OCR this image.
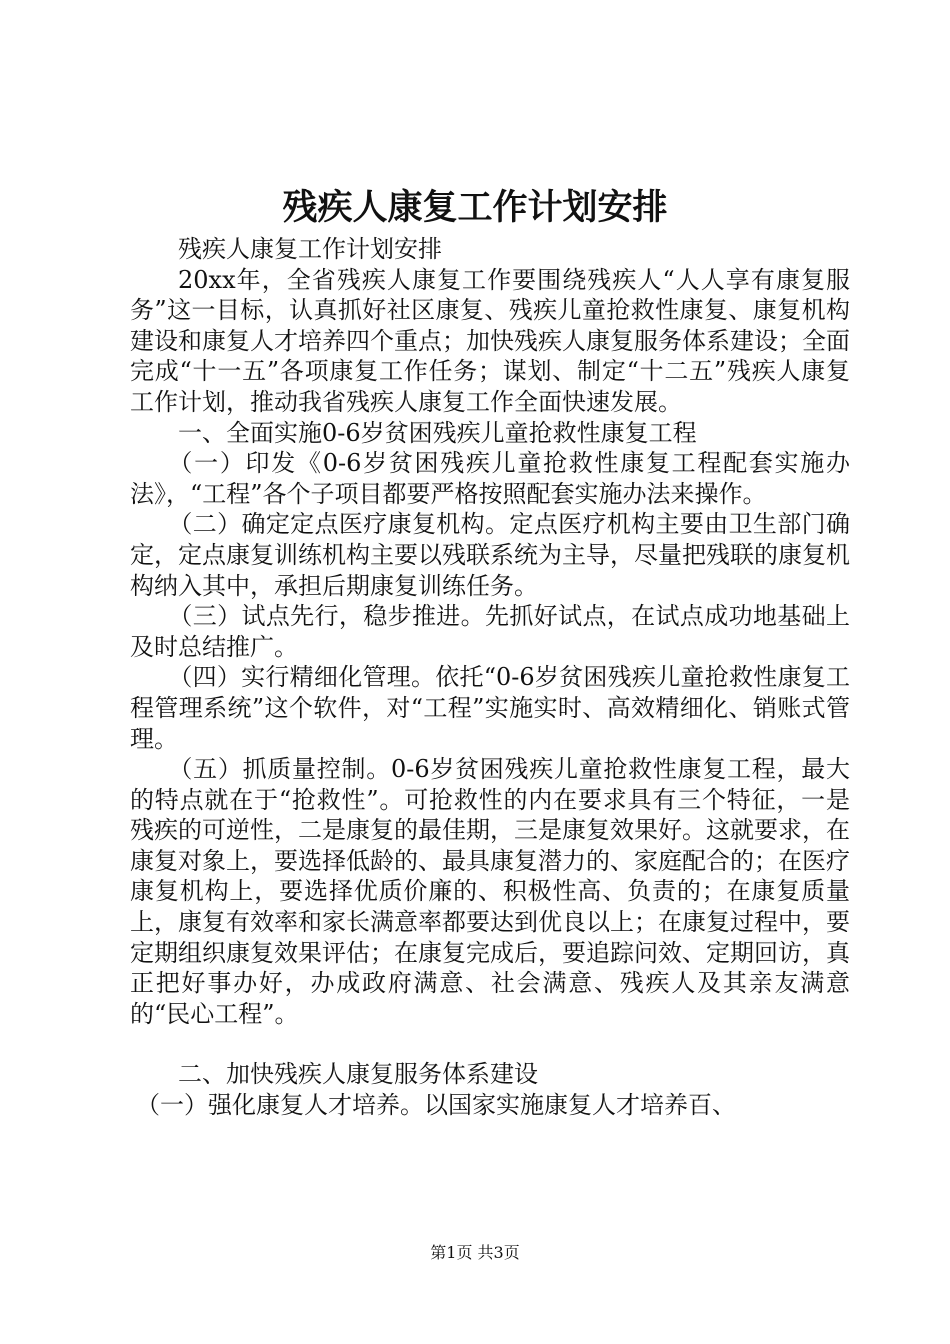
残疾人康复工作计划安排

残疾人康复工作计划安排

20xx年，全省残疾人康复工作要围绕残疾人“人人享有康复服务”这一目标，认真抓好社区康复、残疾儿童抢救性康复、康复机构建设和康复人才培养四个重点；加快残疾人康复服务体系建设；全面完成“十一五”各项康复工作任务；谋划、制定“十二五”残疾人康复工作计划，推动我省残疾人康复工作全面快速发展。

一、全面实施0-6岁贫困残疾儿童抢救性康复工程

（一）印发《0-6岁贫困残疾儿童抢救性康复工程配套实施办法》，“工程”各个子项目都要严格按照配套实施办法来操作。

（二）确定定点医疗康复机构。定点医疗机构主要由卫生部门确定，定点康复训练机构主要以残联系统为主导，尽量把残联的康复机构纳入其中，承担后期康复训练任务。

（三）试点先行，稳步推进。先抓好试点，在试点成功地基础上及时总结推广。

（四）实行精细化管理。依托“0-6岁贫困残疾儿童抢救性康复工程管理系统”这个软件，对“工程”实施实时、高效精细化、销账式管理。

（五）抓质量控制。0-6岁贫困残疾儿童抢救性康复工程，最大的特点就在于“抢救性”。可抢救性的内在要求具有三个特征，一是残疾的可逆性，二是康复的最佳期，三是康复效果好。这就要求，在康复对象上，要选择低龄的、最具康复潜力的、家庭配合的；在医疗康复机构上，要选择优质价廉的、积极性高、负责的；在康复质量上，康复有效率和家长满意率都要达到优良以上；在康复过程中，要定期组织康复效果评估；在康复完成后，要追踪问效、定期回访，真正把好事办好，办成政府满意、社会满意、残疾人及其亲友满意的“民心工程”。

二、加快残疾人康复服务体系建设

（一）强化康复人才培养。以国家实施康复人才培养百、

第1页 共3页
